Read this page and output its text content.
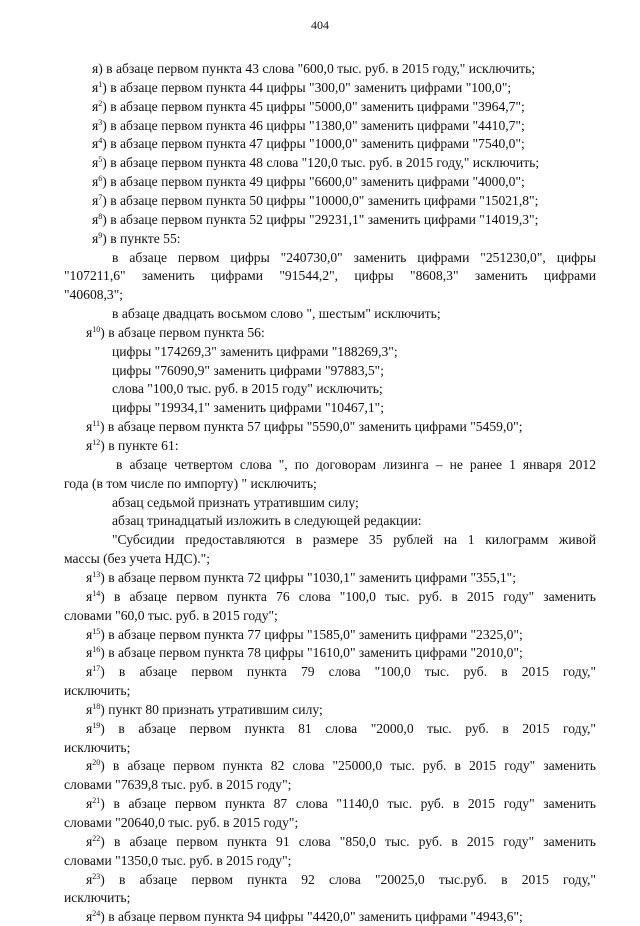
404
я) в абзаце первом пункта 43 слова "600,0 тыс. руб. в 2015 году," исключить;
$я^1$) в абзаце первом пункта 44 цифры "300,0" заменить цифрами "100,0";
$я^2$) в абзаце первом пункта 45 цифры "5000,0" заменить цифрами "3964,7";
$я^3$) в абзаце первом пункта 46 цифры "1380,0" заменить цифрами "4410,7";
$я^4$) в абзаце первом пункта 47 цифры "1000,0" заменить цифрами "7540,0";
$я^5$) в абзаце первом пункта 48 слова "120,0 тыс. руб. в 2015 году," исключить;
$я^6$) в абзаце первом пункта 49 цифры "6600,0" заменить цифрами "4000,0";
$я^7$) в абзаце первом пункта 50 цифры "10000,0" заменить цифрами "15021,8";
$я^8$) в абзаце первом пункта 52 цифры "29231,1" заменить цифрами "14019,3";
$я^9$) в пункте 55:
в абзаце первом цифры "240730,0" заменить цифрами "251230,0", цифры
"107211,6" заменить цифрами "91544,2", цифры "8608,3" заменить цифрами
"40608,3";
в абзаце двадцать восьмом слово ", шестым" исключить;
$я^{10}$) в абзаце первом пункта 56:
цифры "174269,3" заменить цифрами "188269,3";
цифры "76090,9" заменить цифрами "97883,5";
слова "100,0 тыс. руб. в 2015 году" исключить;
цифры "19934,1" заменить цифрами "10467,1";
$я^{11}$) в абзаце первом пункта 57 цифры "5590,0" заменить цифрами "5459,0";
$я^{12}$) в пункте 61:
в абзаце четвертом слова ", по договорам лизинга – не ранее 1 января 2012
года (в том числе по импорту) " исключить;
абзац седьмой признать утратившим силу;
абзац тринадцатый изложить в следующей редакции:
"Субсидии предоставляются в размере 35 рублей на 1 килограмм живой
массы (без учета НДС).";
$я^{13}$) в абзаце первом пункта 72 цифры "1030,1" заменить цифрами "355,1";
$я^{14}$) в абзаце первом пункта 76 слова "100,0 тыс. руб. в 2015 году" заменить
словами "60,0 тыс. руб. в 2015 году";
$я^{15}$) в абзаце первом пункта 77 цифры "1585,0" заменить цифрами "2325,0";
$я^{16}$) в абзаце первом пункта 78 цифры "1610,0" заменить цифрами "2010,0";
$я^{17}$) в абзаце первом пункта 79 слова "100,0 тыс. руб. в 2015 году,"
исключить;
$я^{18}$) пункт 80 признать утратившим силу;
$я^{19}$) в абзаце первом пункта 81 слова "2000,0 тыс. руб. в 2015 году,"
исключить;
$я^{20}$) в абзаце первом пункта 82 слова "25000,0 тыс. руб. в 2015 году" заменить
словами "7639,8 тыс. руб. в 2015 году";
$я^{21}$) в абзаце первом пункта 87 слова "1140,0 тыс. руб. в 2015 году" заменить
словами "20640,0 тыс. руб. в 2015 году";
$я^{22}$) в абзаце первом пункта 91 слова "850,0 тыс. руб. в 2015 году" заменить
словами "1350,0 тыс. руб. в 2015 году";
$я^{23}$) в абзаце первом пункта 92 слова "20025,0 тыс.руб. в 2015 году,"
исключить;
$я^{24}$) в абзаце первом пункта 94 цифры "4420,0" заменить цифрами "4943,6";
